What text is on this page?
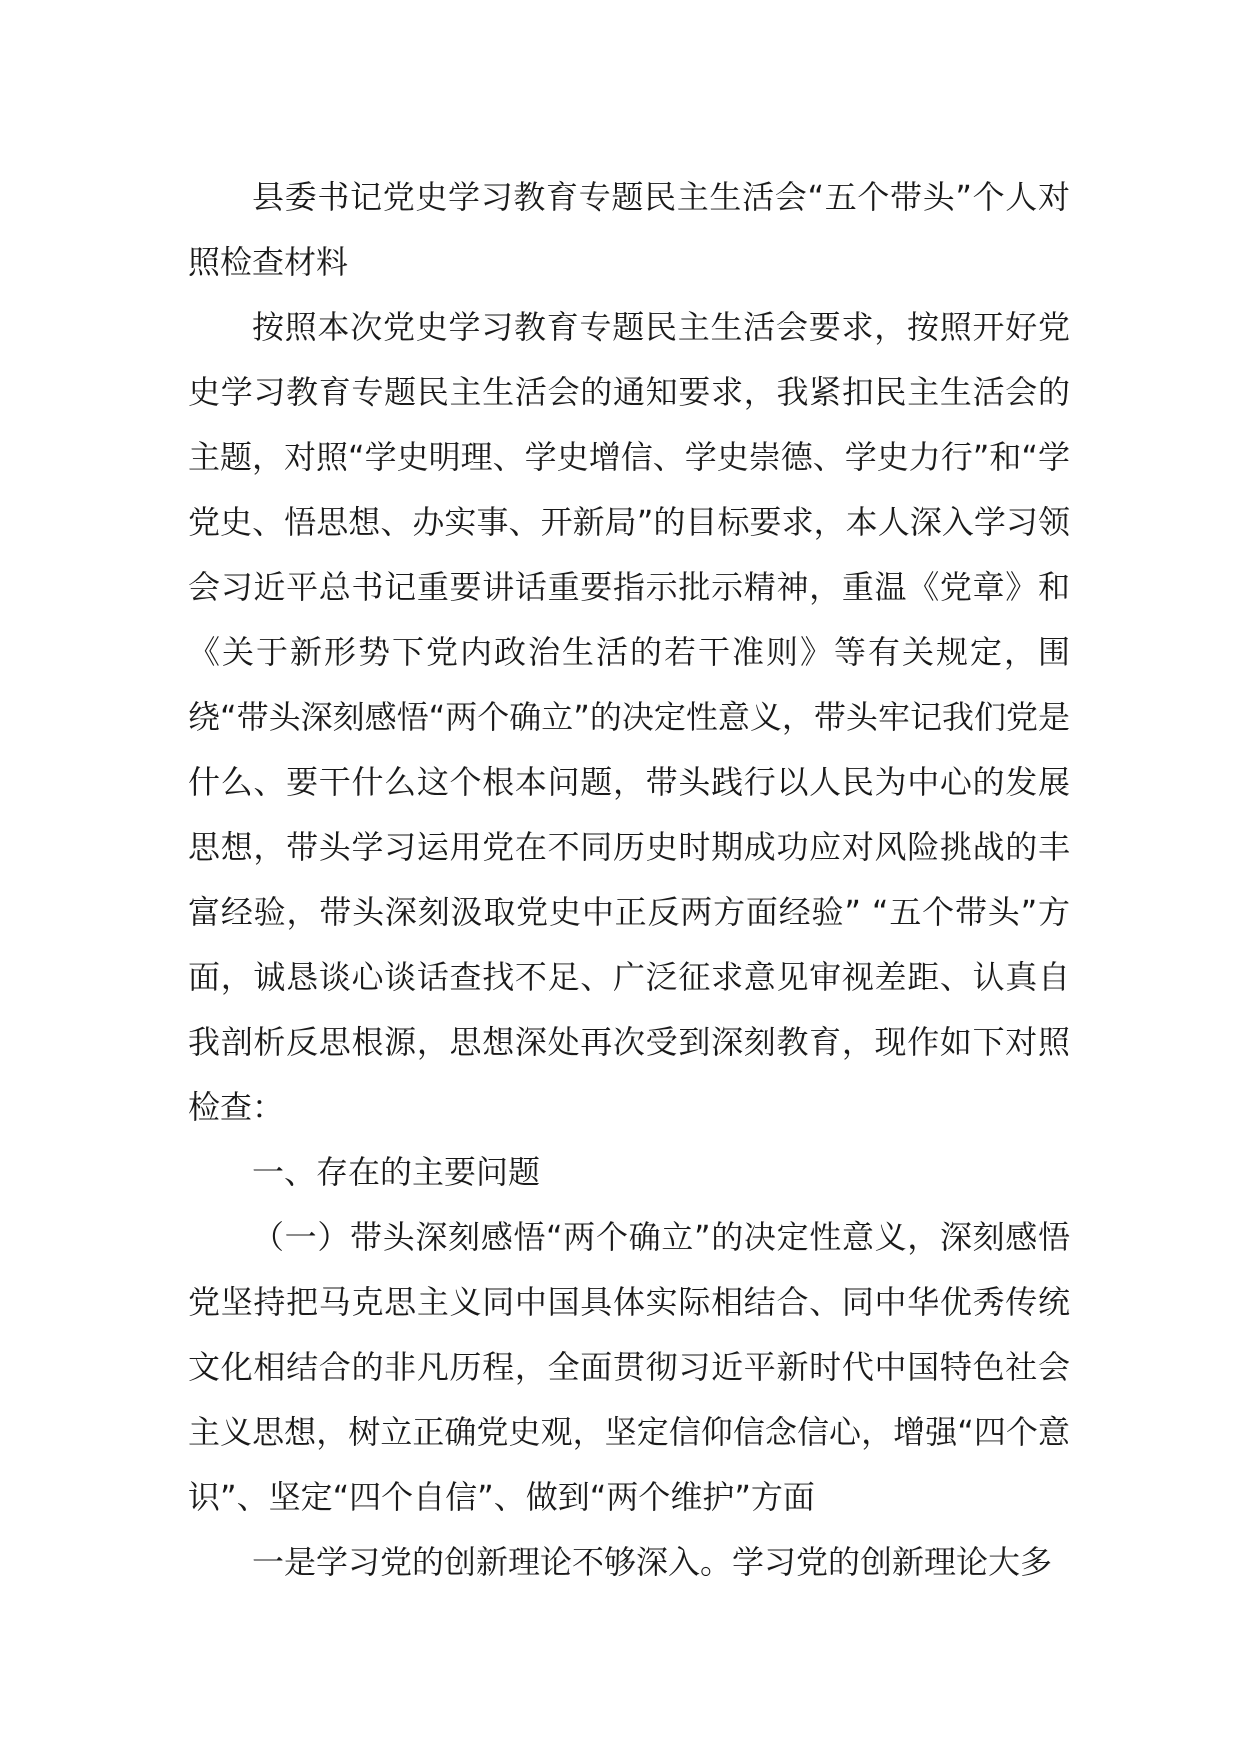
县委书记党史学习教育专题民主生活会“五个带头”个人对照检查材料

按照本次党史学习教育专题民主生活会要求，按照开好党史学习教育专题民主生活会的通知要求，我紧扣民主生活会的主题，对照“学史明理、学史增信、学史崇德、学史力行”和“学党史、悟思想、办实事、开新局”的目标要求，本人深入学习领会习近平总书记重要讲话重要指示批示精神，重温《党章》和《关于新形势下党内政治生活的若干准则》等有关规定，围绕“带头深刻感悟“两个确立”的决定性意义，带头牢记我们党是什么、要干什么这个根本问题，带头践行以人民为中心的发展思想，带头学习运用党在不同历史时期成功应对风险挑战的丰富经验，带头深刻汲取党史中正反两方面经验” “五个带头”方面，诚恳谈心谈话查找不足、广泛征求意见审视差距、认真自我剖析反思根源，思想深处再次受到深刻教育，现作如下对照检查：

一、存在的主要问题

（一）带头深刻感悟“两个确立”的决定性意义，深刻感悟党坚持把马克思主义同中国具体实际相结合、同中华优秀传统文化相结合的非凡历程，全面贯彻习近平新时代中国特色社会主义思想，树立正确党史观，坚定信仰信念信心，增强“四个意识”、坚定“四个自信”、做到“两个维护”方面

一是学习党的创新理论不够深入。学习党的创新理论大多
